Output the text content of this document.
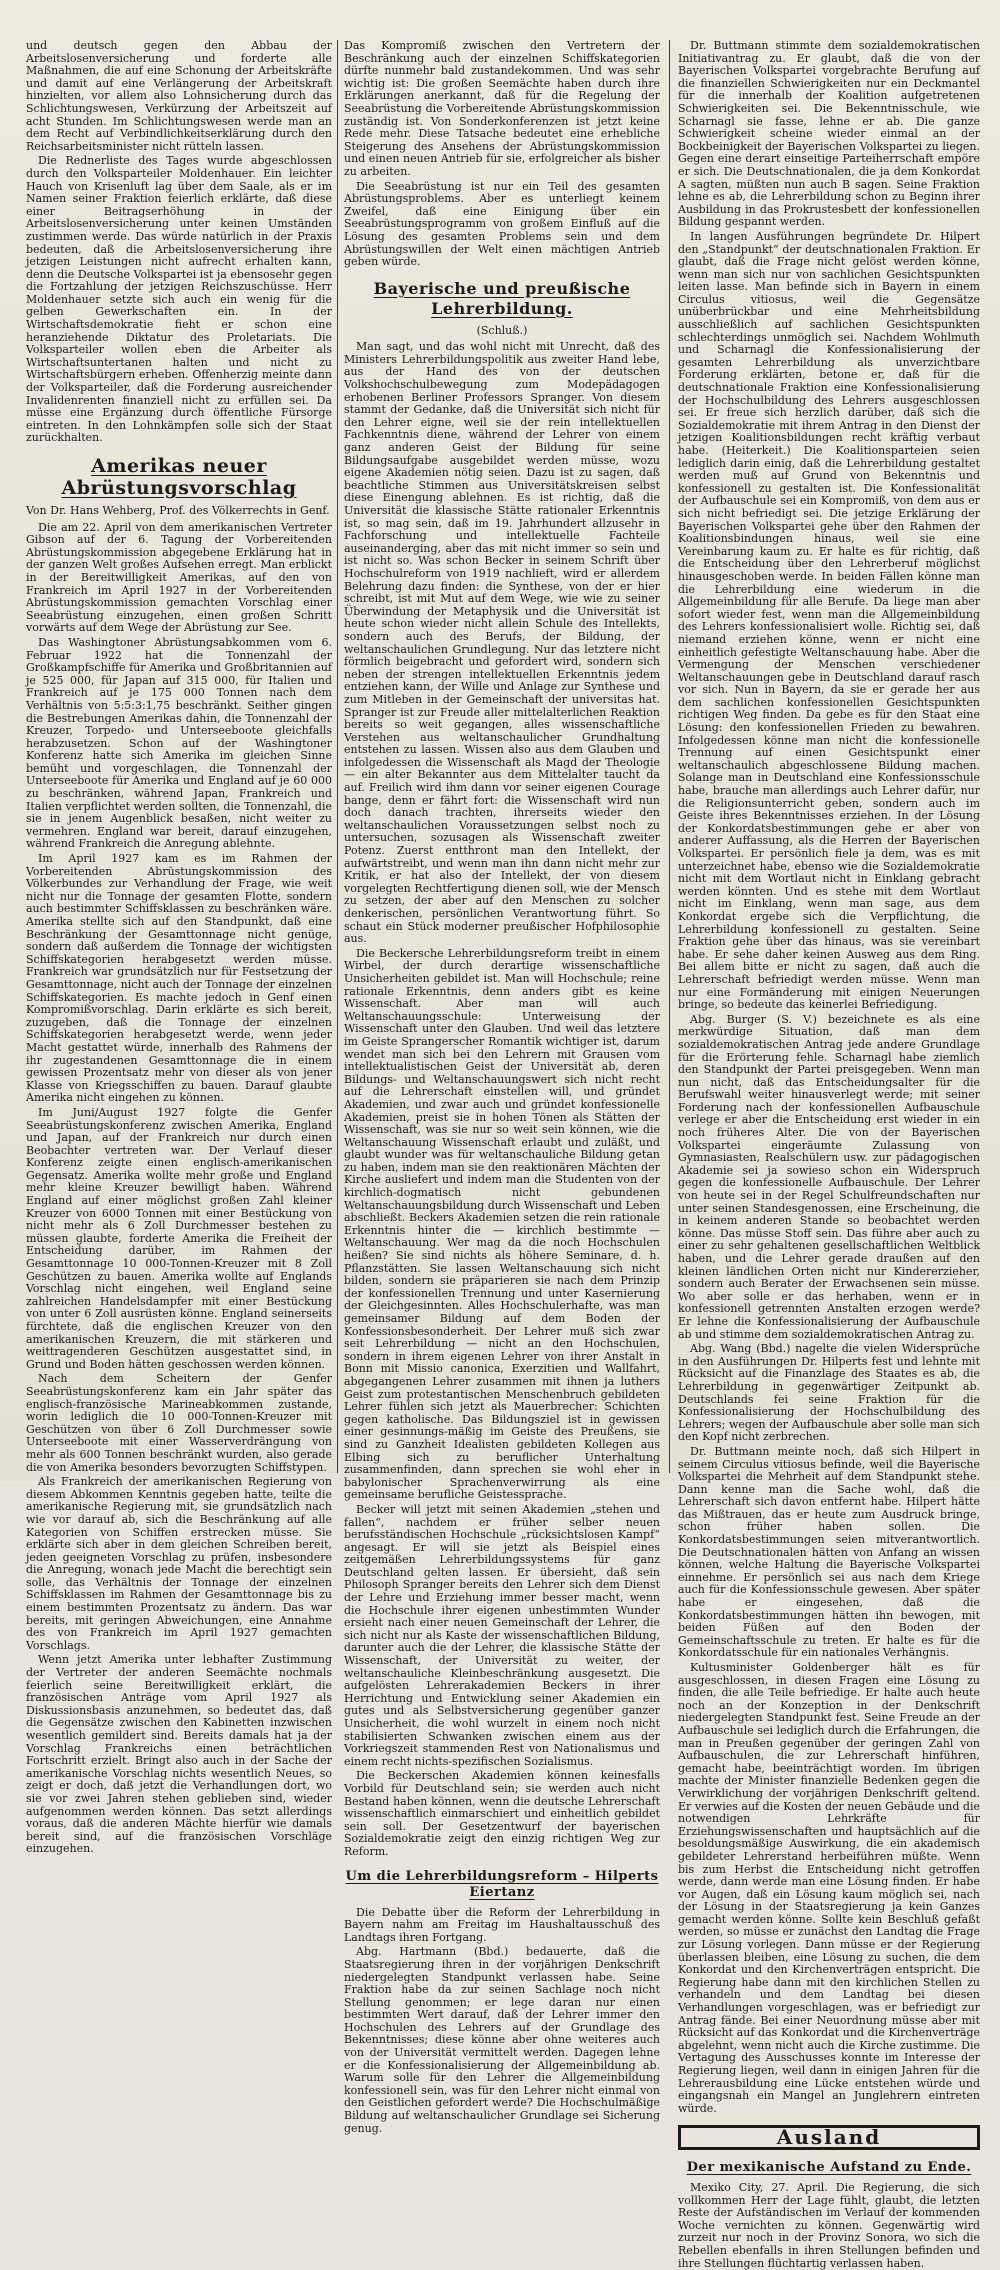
und deutsch gegen den Abbau der Arbeitslosenversicherung und forderte alle Maßnahmen, die auf eine Schonung der Arbeitskräfte und damit auf eine Verlängerung der Arbeitskraft hinzielten, vor allem also Lohnsicherung durch das Schlichtungswesen, Verkürzung der Arbeitszeit auf acht Stunden. Im Schlichtungswesen werde man an dem Recht auf Verbindlichkeitserklärung durch den Reichsarbeitsminister nicht rütteln lassen.

Die Rednerliste des Tages wurde abgeschlossen durch den Volksparteiler Moldenhauer. Ein leichter Hauch von Krisenluft lag über dem Saale, als er im Namen seiner Fraktion feierlich erklärte, daß diese einer Beitragserhöhung in der Arbeitslosenversicherung unter keinen Umständen zustimmen werde. Das würde natürlich in der Praxis bedeuten, daß die Arbeitslosenversicherung ihre jetzigen Leistungen nicht aufrecht erhalten kann, denn die Deutsche Volkspartei ist ja ebensosehr gegen die Fortzahlung der jetzigen Reichszuschüsse. Herr Moldenhauer setzte sich auch ein wenig für die gelben Gewerkschaften ein. In der Wirtschaftsdemokratie fieht er schon eine heranziehende Diktatur des Proletariats. Die Volksparteiler wollen eben die Arbeiter als Wirtschaftsuntertanen halten und nicht zu Wirtschaftsbürgern erheben. Offenherzig meinte dann der Volksparteiler, daß die Forderung ausreichender Invalidenrenten finanziell nicht zu erfüllen sei. Da müsse eine Ergänzung durch öffentliche Fürsorge eintreten. In den Lohnkämpfen solle sich der Staat zurückhalten.

Amerikas neuer Abrüstungsvorschlag
Von Dr. Hans Wehberg, Prof. des Völkerrechts in Genf.

Die am 22. April von dem amerikanischen Vertreter Gibson auf der 6. Tagung der Vorbereitenden Abrüstungskommission abgegebene Erklärung hat in der ganzen Welt großes Aufsehen erregt. Man erblickt in der Bereitwilligkeit Amerikas, auf den von Frankreich im April 1927 in der Vorbereitenden Abrüstungskommission gemachten Vorschlag einer Seeabrüstung einzugehen, einen großen Schritt vorwärts auf dem Wege der Abrüstung zur See.

Das Washingtoner Abrüstungsabkommen vom 6. Februar 1922 hat die Tonnenzahl der Großkampfschiffe für Amerika und Großbritannien auf je 525 000, für Japan auf 315 000, für Italien und Frankreich auf je 175 000 Tonnen nach dem Verhältnis von 5:5:3:1,75 beschränkt. Seither gingen die Bestrebungen Amerikas dahin, die Tonnenzahl der Kreuzer, Torpedo- und Unterseeboote gleichfalls herabzusetzen. Schon auf der Washingtoner Konferenz hatte sich Amerika im gleichen Sinne bemüht und vorgeschlagen, die Tonnenzahl der Unterseeboote für Amerika und England auf je 60 000 zu beschränken, während Japan, Frankreich und Italien verpflichtet werden sollten, die Tonnenzahl, die sie in jenem Augenblick besaßen, nicht weiter zu vermehren. England war bereit, darauf einzugehen, während Frankreich die Anregung ablehnte.

Im April 1927 kam es im Rahmen der Vorbereitenden Abrüstungskommission des Völkerbundes zur Verhandlung der Frage, wie weit nicht nur die Tonnage der gesamten Flotte, sondern auch bestimmter Schiffsklassen zu beschränken wäre. Amerika stellte sich auf den Standpunkt, daß eine Beschränkung der Gesamttonnage nicht genüge, sondern daß außerdem die Tonnage der wichtigsten Schiffskategorien herabgesetzt werden müsse. Frankreich war grundsätzlich nur für Festsetzung der Gesamttonnage, nicht auch der Tonnage der einzelnen Schiffskategorien. Es machte jedoch in Genf einen Kompromißvorschlag. Darin erklärte es sich bereit, zuzugeben, daß die Tonnage der einzelnen Schiffskategorien herabgesetzt werde, wenn jeder Macht gestattet würde, innerhalb des Rahmens der ihr zugestandenen Gesamttonnage die in einem gewissen Prozentsatz mehr von dieser als von jener Klasse von Kriegsschiffen zu bauen. Darauf glaubte Amerika nicht eingehen zu können.

Im Juni/August 1927 folgte die Genfer Seeabrüstungskonferenz zwischen Amerika, England und Japan, auf der Frankreich nur durch einen Beobachter vertreten war. Der Verlauf dieser Konferenz zeigte einen englisch-amerikanischen Gegensatz. Amerika wollte mehr große und England mehr kleine Kreuzer bewilligt haben. Während England auf einer möglichst großen Zahl kleiner Kreuzer von 6000 Tonnen mit einer Bestückung von nicht mehr als 6 Zoll Durchmesser bestehen zu müssen glaubte, forderte Amerika die Freiheit der Entscheidung darüber, im Rahmen der Gesamttonnage 10 000-Tonnen-Kreuzer mit 8 Zoll Geschützen zu bauen. Amerika wollte auf Englands Vorschlag nicht eingehen, weil England seine zahlreichen Handelsdampfer mit einer Bestückung von unter 6 Zoll ausrüsten könne. England seinerseits fürchtete, daß die englischen Kreuzer von den amerikanischen Kreuzern, die mit stärkeren und weittragenderen Geschützen ausgestattet sind, in Grund und Boden hätten geschossen werden können.

Nach dem Scheitern der Genfer Seeabrüstungskonferenz kam ein Jahr später das englisch-französische Marineabkommen zustande, worin lediglich die 10 000-Tonnen-Kreuzer mit Geschützen von über 6 Zoll Durchmesser sowie Unterseeboote mit einer Wasserverdrängung von mehr als 600 Tonnen beschränkt wurden, also gerade die von Amerika besonders bevorzugten Schiffstypen.

Als Frankreich der amerikanischen Regierung von diesem Abkommen Kenntnis gegeben hatte, teilte die amerikanische Regierung mit, sie grundsätzlich nach wie vor darauf ab, sich die Beschränkung auf alle Kategorien von Schiffen erstrecken müsse. Sie erklärte sich aber in dem gleichen Schreiben bereit, jeden geeigneten Vorschlag zu prüfen, insbesondere die Anregung, wonach jede Macht die berechtigt sein solle, das Verhältnis der Tonnage der einzelnen Schiffsklassen im Rahmen der Gesamttonnage bis zu einem bestimmten Prozentsatz zu ändern. Das war bereits, mit geringen Abweichungen, eine Annahme des von Frankreich im April 1927 gemachten Vorschlags.

Wenn jetzt Amerika unter lebhafter Zustimmung der Vertreter der anderen Seemächte nochmals feierlich seine Bereitwilligkeit erklärt, die französischen Anträge vom April 1927 als Diskussionsbasis anzunehmen, so bedeutet das, daß die Gegensätze zwischen den Kabinetten inzwischen wesentlich gemildert sind. Bereits damals hat ja der Vorschlag Frankreichs einen beträchtlichen Fortschritt erzielt. Bringt also auch in der Sache der amerikanische Vorschlag nichts wesentlich Neues, so zeigt er doch, daß jetzt die Verhandlungen dort, wo sie vor zwei Jahren stehen geblieben sind, wieder aufgenommen werden können. Das setzt allerdings voraus, daß die anderen Mächte hierfür wie damals bereit sind, auf die französischen Vorschläge einzugehen.

Das Kompromiß zwischen den Vertretern der Beschränkung auch der einzelnen Schiffskategorien dürfte nunmehr bald zustandekommen. Und was sehr wichtig ist: Die großen Seemächte haben durch ihre Erklärungen anerkannt, daß für die Regelung der Seeabrüstung die Vorbereitende Abrüstungskommission zuständig ist. Von Sonderkonferenzen ist jetzt keine Rede mehr. Diese Tatsache bedeutet eine erhebliche Steigerung des Ansehens der Abrüstungskommission und einen neuen Antrieb für sie, erfolgreicher als bisher zu arbeiten.

Die Seeabrüstung ist nur ein Teil des gesamten Abrüstungsproblems. Aber es unterliegt keinem Zweifel, daß eine Einigung über ein Seeabrüstungsprogramm von großem Einfluß auf die Lösung des gesamten Problems sein und dem Abrüstungswillen der Welt einen mächtigen Antrieb geben würde.

Bayerische und preußische Lehrerbildung.
(Schluß.)

Man sagt, und das wohl nicht mit Unrecht, daß des Ministers Lehrerbildungspolitik aus zweiter Hand lebe, aus der Hand des von der deutschen Volkshochschulbewegung zum Modepädagogen erhobenen Berliner Professors Spranger. Von diesem stammt der Gedanke, daß die Universität sich nicht für den Lehrer eigne, weil sie der rein intellektuellen Fachkenntnis diene, während der Lehrer von einem ganz anderen Geist der Bildung für seine Bildungsaufgabe ausgebildet werden müsse, wozu eigene Akademien nötig seien. Dazu ist zu sagen, daß beachtliche Stimmen aus Universitätskreisen selbst diese Einengung ablehnen. Es ist richtig, daß die Universität die klassische Stätte rationaler Erkenntnis ist, so mag sein, daß im 19. Jahrhundert allzusehr in Fachforschung und intellektuelle Fachteile auseinanderging, aber das mit nicht immer so sein und ist nicht so. Was schon Becker in seinem Schrift über Hochschulreform von 1919 nachlieft, wird er allerdem Belehrung dazu finden: die Synthese, von der er hier schreibt, ist mit Mut auf dem Wege, wie wie zu seiner Überwindung der Metaphysik und die Universität ist heute schon wieder nicht allein Schule des Intellekts, sondern auch des Berufs, der Bildung, der weltanschaulichen Grundlegung. Nur das letztere nicht förmlich beigebracht und gefordert wird, sondern sich neben der strengen intellektuellen Erkenntnis jedem entziehen kann, der Wille und Anlage zur Synthese und zum Mitleben in der Gemeinschaft der universitas hat. Spranger ist zur Freude aller mittelalterlichen Reaktion bereits so weit gegangen, alles wissenschaftliche Verstehen aus weltanschaulicher Grundhaltung entstehen zu lassen. Wissen also aus dem Glauben und infolgedessen die Wissenschaft als Magd der Theologie — ein alter Bekannter aus dem Mittelalter taucht da auf. Freilich wird ihm dann vor seiner eigenen Courage bange, denn er fährt fort: die Wissenschaft wird nun doch danach trachten, ihrerseits wieder den weltanschaulichen Voraussetzungen selbst noch zu untersuchen, sozusagen als Wissenschaft zweiter Potenz. Zuerst entthront man den Intellekt, der aufwärtstreibt, und wenn man ihn dann nicht mehr zur Kritik, er hat also der Intellekt, der von diesem vorgelegten Rechtfertigung dienen soll, wie der Mensch zu setzen, der aber auf den Menschen zu solcher denkerischen, persönlichen Verantwortung führt. So schaut ein Stück moderner preußischer Hofphilosophie aus.

Die Beckersche Lehrerbildungsreform treibt in einem Wirbel, der durch derartige wissenschaftliche Unsicherheiten gebildet ist. Man will Hochschule; reine rationale Erkenntnis, denn anders gibt es keine Wissenschaft. Aber man will auch Weltanschauungsschule: Unterweisung der Wissenschaft unter den Glauben. Und weil das letztere im Geiste Sprangerscher Romantik wichtiger ist, darum wendet man sich bei den Lehrern mit Grausen vom intellektualistischen Geist der Universität ab, deren Bildungs- und Weltanschauungswert sich nicht recht auf die Lehrerschaft einstellen will, und gründet Akademien, und zwar auch und gründet konfessionelle Akademien, preist sie in hohen Tönen als Stätten der Wissenschaft, was sie nur so weit sein können, wie die Weltanschauung Wissenschaft erlaubt und zuläßt, und glaubt wunder was für weltanschauliche Bildung getan zu haben, indem man sie den reaktionären Mächten der Kirche ausliefert und indem man die Studenten von der kirchlich-dogmatisch nicht gebundenen Weltanschauungsbildung durch Wissenschaft und Leben abschließt. Beckers Akademien setzen die rein rationale Erkenntnis hinter die — kirchlich bestimmte — Weltanschauung. Wer mag da die noch Hochschulen heißen? Sie sind nichts als höhere Seminare, d. h. Pflanzstätten. Sie lassen Weltanschauung sich nicht bilden, sondern sie präparieren sie nach dem Prinzip der konfessionellen Trennung und unter Kasernierung der Gleichgesinnten. Alles Hochschulerhafte, was man gemeinsamer Bildung auf dem Boden der Konfessionsbesonderheit. Der Lehrer muß sich zwar seit Lehrerbildung — nicht an den Hochschulen, sondern in ihrem eigenen Lehrer von ihrer Anstalt in Bonn mit Missio canonica, Exerzitien und Wallfahrt, abgegangenen Lehrer zusammen mit ihnen ja luthers Geist zum protestantischen Menschenbruch gebildeten Lehrer fühlen sich jetzt als Mauerbrecher: Schichten gegen katholische. Das Bildungsziel ist in gewissen einer gesinnungs-mäßig im Geiste des Preußens, sie sind zu Ganzheit Idealisten gebildeten Kollegen aus Elbing sich zu beruflicher Unterhaltung zusammenfinden, dann sprechen sie wohl eher in babylonischer Sprachenverwirrung als eine gemeinsame berufliche Geistessprache.

Becker will jetzt mit seinen Akademien „stehen und fallen“, nachdem er früher selber neuen berufsständischen Hochschule „rücksichtslosen Kampf“ angesagt. Er will sie jetzt als Beispiel eines zeitgemäßen Lehrerbildungssystems für ganz Deutschland gelten lassen. Er übersieht, daß sein Philosoph Spranger bereits den Lehrer sich dem Dienst der Lehre und Erziehung immer besser macht, wenn die Hochschule ihrer eigenen unbestimmten Wunder ersieht nach einer neuen Gemeinschaft der Lehrer, die sich nicht nur als Kaste der wissenschaftlichen Bildung, darunter auch die der Lehrer, die klassische Stätte der Wissenschaft, der Universität zu weiter, der weltanschauliche Kleinbeschränkung ausgesetzt. Die aufgelösten Lehrerakademien Beckers in ihrer Herrichtung und Entwicklung seiner Akademien ein gutes und als Selbstversicherung gegenüber ganzer Unsicherheit, die wohl wurzelt in einem noch nicht stabilisierten Schwanken zwischen einem aus der Vorkriegszeit stammenden Rest von Nationalismus und einem recht nichts-spezifischen Sozialismus.

Die Beckerschen Akademien können keinesfalls Vorbild für Deutschland sein; sie werden auch nicht Bestand haben können, wenn die deutsche Lehrerschaft wissenschaftlich einmarschiert und einheitlich gebildet sein soll. Der Gesetzentwurf der bayerischen Sozialdemokratie zeigt den einzig richtigen Weg zur Reform.

Um die Lehrerbildungsreform – Hilperts Eiertanz

Die Debatte über die Reform der Lehrerbildung in Bayern nahm am Freitag im Haushaltausschuß des Landtags ihren Fortgang.

Abg. Hartmann (Bbd.) bedauerte, daß die Staatsregierung ihren in der vorjährigen Denkschrift niedergelegten Standpunkt verlassen habe. Seine Fraktion habe da zur seinen Sachlage noch nicht Stellung genommen; er lege daran nur einen bestimmten Wert darauf, daß der Lehrer immer den Hochschulen des Lehrers auf der Grundlage des Bekenntnisses; diese könne aber ohne weiteres auch von der Universität vermittelt werden. Dagegen lehne er die Konfessionalisierung der Allgemeinbildung ab. Warum solle für den Lehrer die Allgemeinbildung konfessionell sein, was für den Lehrer nicht einmal von den Geistlichen gefordert werde? Die Hochschulmäßige Bildung auf weltanschaulicher Grundlage sei Sicherung genug.

Dr. Buttmann stimmte dem sozialdemokratischen Initiativantrag zu. Er glaubt, daß die von der Bayerischen Volkspartei vorgebrachte Berufung auf die finanziellen Schwierigkeiten nur ein Deckmantel für die innerhalb der Koalition aufgetretenen Schwierigkeiten sei. Die Bekenntnisschule, wie Scharnagl sie fasse, lehne er ab. Die ganze Schwierigkeit scheine wieder einmal an der Bockbeinigkeit der Bayerischen Volkspartei zu liegen. Gegen eine derart einseitige Parteiherrschaft empöre er sich. Die Deutschnationalen, die ja dem Konkordat A sagten, müßten nun auch B sagen. Seine Fraktion lehne es ab, die Lehrerbildung schon zu Beginn ihrer Ausbildung in das Prokrustesbett der konfessionellen Bildung gespannt werden.

In langen Ausführungen begründete Dr. Hilpert den „Standpunkt“ der deutschnationalen Fraktion. Er glaubt, daß die Frage nicht gelöst werden könne, wenn man sich nur von sachlichen Gesichtspunkten leiten lasse. Man befinde sich in Bayern in einem Circulus vitiosus, weil die Gegensätze unüberbrückbar und eine Mehrheitsbildung ausschließlich auf sachlichen Gesichtspunkten schlechterdings unmöglich sei. Nachdem Wohlmuth und Scharnagl die Konfessionalisierung der gesamten Lehrerbildung als unverzichtbare Forderung erklärten, betone er, daß für die deutschnationale Fraktion eine Konfessionalisierung der Hochschulbildung des Lehrers ausgeschlossen sei. Er freue sich herzlich darüber, daß sich die Sozialdemokratie mit ihrem Antrag in den Dienst der jetzigen Koalitionsbildungen recht kräftig verbaut habe. (Heiterkeit.) Die Koalitionsparteien seien lediglich darin einig, daß die Lehrerbildung gestaltet werden muß auf Grund von Bekenntnis und konfessionell zu gestalten ist. Die Konfessionalität der Aufbauschule sei ein Kompromiß, von dem aus er sich nicht befriedigt sei. Die jetzige Erklärung der Bayerischen Volkspartei gehe über den Rahmen der Koalitionsbindungen hinaus, weil sie eine Vereinbarung kaum zu. Er halte es für richtig, daß die Entscheidung über den Lehrerberuf möglichst hinausgeschoben werde. In beiden Fällen könne man die Lehrerbildung eine wiederum in die Allgemeinbildung für alle Berufe. Da liege man aber sofort wieder fest, wenn man die Allgemeinbildung des Lehrers konfessionalisiert wolle. Richtig sei, daß niemand erziehen könne, wenn er nicht eine einheitlich gefestigte Weltanschauung habe. Aber die Vermengung der Menschen verschiedener Weltanschauungen gebe in Deutschland darauf rasch vor sich. Nun in Bayern, da sie er gerade her aus dem sachlichen konfessionellen Gesichtspunkten richtigen Weg finden. Da gebe es für den Staat eine Lösung: den konfessionellen Frieden zu bewahren. Infolgedessen könne man nicht die konfessionelle Trennung auf einen Gesichtspunkt einer weltanschaulich abgeschlossene Bildung machen. Solange man in Deutschland eine Konfessionsschule habe, brauche man allerdings auch Lehrer dafür, nur die Religionsunterricht geben, sondern auch im Geiste ihres Bekenntnisses erziehen. In der Lösung der Konkordatsbestimmungen gehe er aber von anderer Auffassung, als die Herren der Bayerischen Volkspartei. Er persönlich fiele ja dem, was es mit unterzeichnet habe, ebenso wie die Sozialdemokratie nicht mit dem Wortlaut nicht in Einklang gebracht werden könnten. Und es stehe mit dem Wortlaut nicht im Einklang, wenn man sage, aus dem Konkordat ergebe sich die Verpflichtung, die Lehrerbildung konfessionell zu gestalten. Seine Fraktion gehe über das hinaus, was sie vereinbart habe. Er sehe daher keinen Ausweg aus dem Ring. Bei allem bitte er nicht zu sagen, daß auch die Lehrerschaft befriedigt werden müsse. Wenn man nur eine Formänderung mit einigen Neuerungen bringe, so bedeute das keinerlei Befriedigung.

Abg. Burger (S. V.) bezeichnete es als eine merkwürdige Situation, daß man dem sozialdemokratischen Antrag jede andere Grundlage für die Erörterung fehle. Scharnagl habe ziemlich den Standpunkt der Partei preisgegeben. Wenn man nun nicht, daß das Entscheidungsalter für die Berufswahl weiter hinausverlegt werde; mit seiner Forderung nach der konfessionellen Aufbauschule verlege er aber die Entscheidung erst wieder in ein noch früheres Alter. Die von der Bayerischen Volkspartei eingeräumte Zulassung von Gymnasiasten, Realschülern usw. zur pädagogischen Akademie sei ja sowieso schon ein Widerspruch gegen die konfessionelle Aufbauschule. Der Lehrer von heute sei in der Regel Schulfreundschaften nur unter seinen Standesgenossen, eine Erscheinung, die in keinem anderen Stande so beobachtet werden könne. Das müsse Stoff sein. Das führe aber auch zu einer zu sehr gehaltenen gesellschaftlichen Weltblick haben, und die Lehrer gerade draußen auf den kleinen ländlichen Orten nicht nur Kindererzieher, sondern auch Berater der Erwachsenen sein müsse. Wo aber solle er das herhaben, wenn er in konfessionell getrennten Anstalten erzogen werde? Er lehne die Konfessionalisierung der Aufbauschule ab und stimme dem sozialdemokratischen Antrag zu.

Abg. Wang (Bbd.) nagelte die vielen Widersprüche in den Ausführungen Dr. Hilperts fest und lehnte mit Rücksicht auf die Finanzlage des Staates es ab, die Lehrerbildung in gegenwärtiger Zeitpunkt ab. Deutschlands fei seine Fraktion für die Konfessionalisierung der Hochschulbildung des Lehrers; wegen der Aufbauschule aber solle man sich den Kopf nicht zerbrechen.

Dr. Buttmann meinte noch, daß sich Hilpert in seinem Circulus vitiosus befinde, weil die Bayerische Volkspartei die Mehrheit auf dem Standpunkt stehe. Dann kenne man die Sache wohl, daß die Lehrerschaft sich davon entfernt habe. Hilpert hätte das Mißtrauen, das er heute zum Ausdruck bringe, schon früher haben sollen. Die Konkordatsbestimmungen seien mitverantwortlich. Die Deutschnationalen hätten von Anfang an wissen können, welche Haltung die Bayerische Volkspartei einnehme. Er persönlich sei aus nach dem Kriege auch für die Konfessionsschule gewesen. Aber später habe er eingesehen, daß die Konkordatsbestimmungen hätten ihn bewogen, mit beiden Füßen auf den Boden der Gemeinschaftsschule zu treten. Er halte es für die Konkordatsschule für ein nationales Verhängnis.

Kultusminister Goldenberger hält es für ausgeschlossen, in diesen Fragen eine Lösung zu finden, die alle Teile befriedige. Er halte auch heute noch an der Konzeption in der Denkschrift niedergelegten Standpunkt fest. Seine Freude an der Aufbauschule sei lediglich durch die Erfahrungen, die man in Preußen gegenüber der geringen Zahl von Aufbauschulen, die zur Lehrerschaft hinführen, gemacht habe, beeinträchtigt worden. Im übrigen machte der Minister finanzielle Bedenken gegen die Verwirklichung der vorjährigen Denkschrift geltend. Er verwies auf die Kosten der neuen Gebäude und die notwendigen Lehrkräfte für Erziehungswissenschaften und hauptsächlich auf die besoldungsmäßige Auswirkung, die ein akademisch gebildeter Lehrerstand herbeiführen müßte. Wenn bis zum Herbst die Entscheidung nicht getroffen werde, dann werde man eine Lösung finden. Er habe vor Augen, daß ein Lösung kaum möglich sei, nach der Lösung in der Staatsregierung ja kein Ganzes gemacht werden könne. Sollte kein Beschluß gefaßt werden, so müsse er zunächst den Landtag die Frage zur Lösung vorlegen. Dann müsse er der Regierung überlassen bleiben, eine Lösung zu suchen, die dem Konkordat und den Kirchenverträgen entspricht. Die Regierung habe dann mit den kirchlichen Stellen zu verhandeln und dem Landtag bei diesen Verhandlungen vorgeschlagen, was er befriedigt zur Antrag fände. Bei einer Neuordnung müsse aber mit Rücksicht auf das Konkordat und die Kirchenverträge abgelehnt, wenn nicht auch die Kirche zustimme. Die Vertagung des Ausschusses konnte im Interesse der Regierung liegen, weil dann in einigen Jahren für die Lehrerausbildung eine Lücke entstehen würde und eingangsnah ein Mangel an Junglehrern eintreten würde.

Ausland
Der mexikanische Aufstand zu Ende.

Mexiko City, 27. April. Die Regierung, die sich vollkommen Herr der Lage fühlt, glaubt, die letzten Reste der Aufständischen im Verlauf der kommenden Woche vernichten zu können. Gegenwärtig wird zurzeit nur noch in der Provinz Sonora, wo sich die Rebellen ebenfalls in ihren Stellungen befinden und ihre Stellungen flüchtartig verlassen haben.
